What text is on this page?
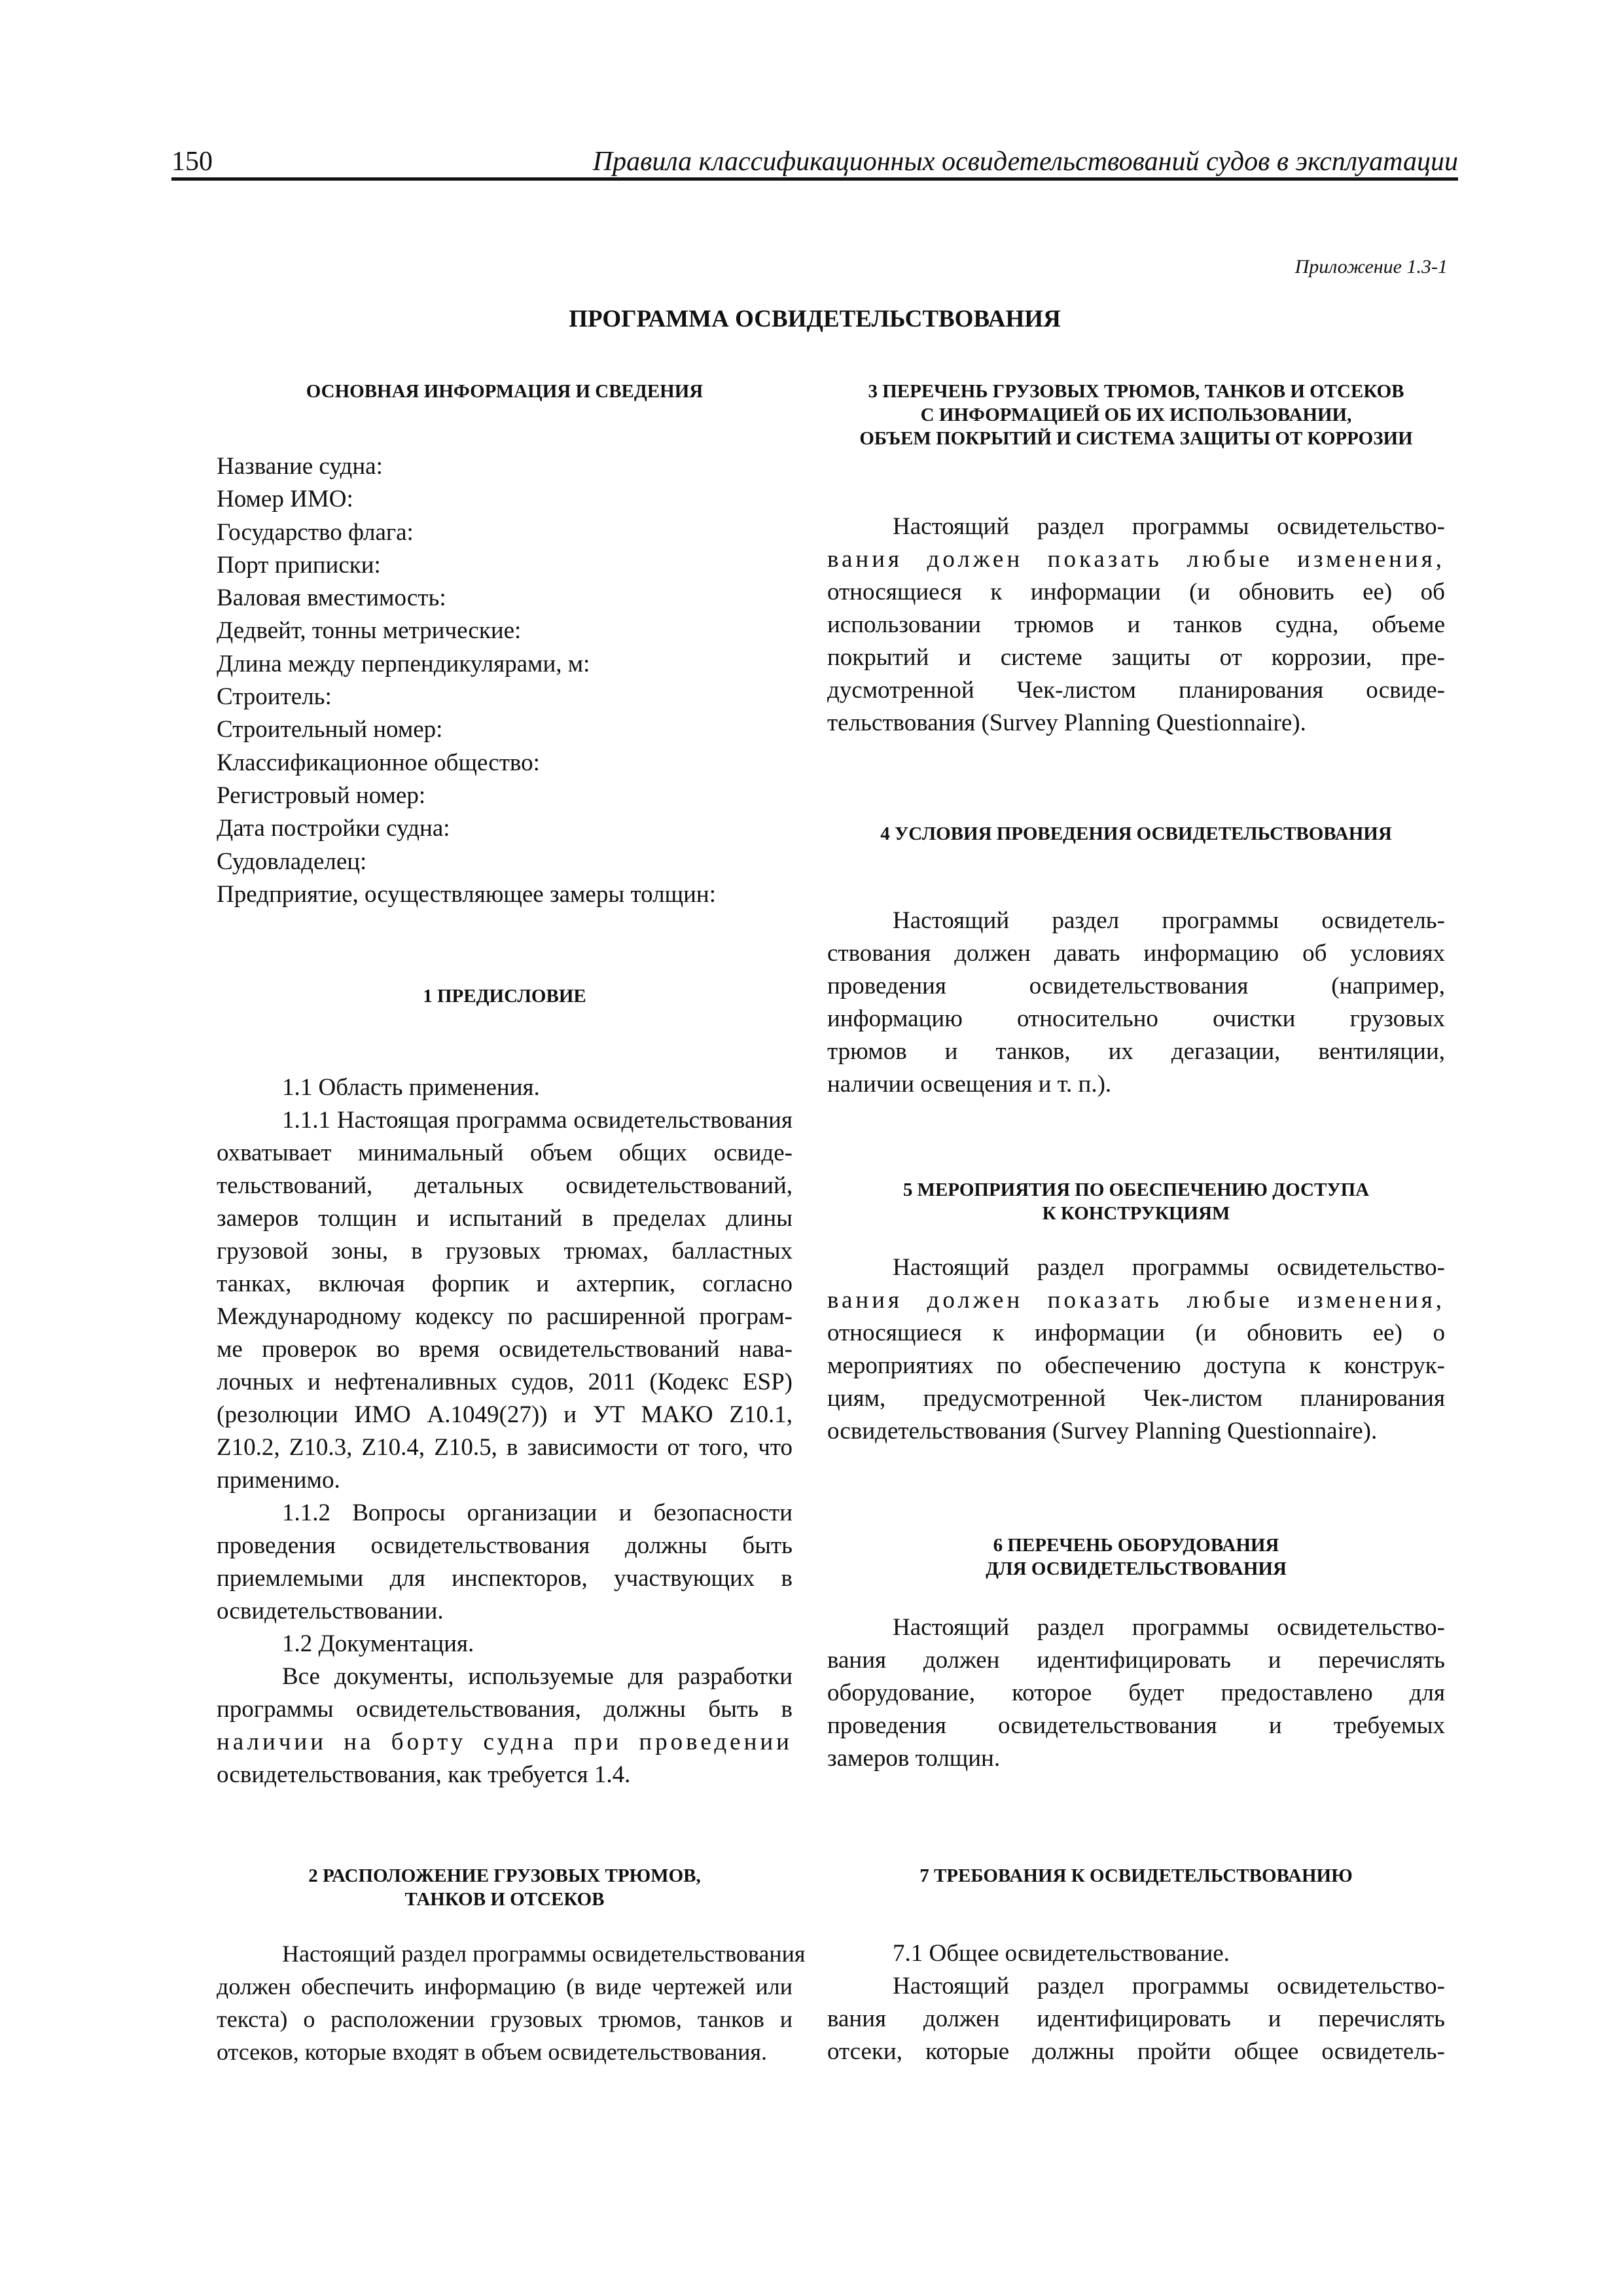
150	Правила классификационных освидетельствований судов в эксплуатации
Приложение 1.3-1
ПРОГРАММА ОСВИДЕТЕЛЬСТВОВАНИЯ
ОСНОВНАЯ ИНФОРМАЦИЯ И СВЕДЕНИЯ
Название судна:
Номер ИМО:
Государство флага:
Порт приписки:
Валовая вместимость:
Дедвейт, тонны метрические:
Длина между перпендикулярами, м:
Строитель:
Строительный номер:
Классификационное общество:
Регистровый номер:
Дата постройки судна:
Судовладелец:
Предприятие, осуществляющее замеры толщин:
1 ПРЕДИСЛОВИЕ
1.1 Область применения.
1.1.1 Настоящая программа освидетельствования
охватывает минимальный объем общих освиде-
тельствований, детальных освидетельствований,
замеров толщин и испытаний в пределах длины
грузовой зоны, в грузовых трюмах, балластных
танках, включая форпик и ахтерпик, согласно
Международному кодексу по расширенной програм-
ме проверок во время освидетельствований нава-
лочных и нефтеналивных судов, 2011 (Кодекс ESP)
(резолюции ИМО А.1049(27)) и УТ МАКО Z10.1,
Z10.2, Z10.3, Z10.4, Z10.5, в зависимости от того, что
применимо.
1.1.2 Вопросы организации и безопасности
проведения освидетельствования должны быть
приемлемыми для инспекторов, участвующих в
освидетельствовании.
1.2 Документация.
Все документы, используемые для разработки
программы освидетельствования, должны быть в
наличии на борту судна при проведении
освидетельствования, как требуется 1.4.
2 РАСПОЛОЖЕНИЕ ГРУЗОВЫХ ТРЮМОВ,
ТАНКОВ И ОТСЕКОВ
Настоящий раздел программы освидетельствования
должен обеспечить информацию (в виде чертежей или
текста) о расположении грузовых трюмов, танков и
отсеков, которые входят в объем освидетельствования.
3 ПЕРЕЧЕНЬ ГРУЗОВЫХ ТРЮМОВ, ТАНКОВ И ОТСЕКОВ
С ИНФОРМАЦИЕЙ ОБ ИХ ИСПОЛЬЗОВАНИИ,
ОБЪЕМ ПОКРЫТИЙ И СИСТЕМА ЗАЩИТЫ ОТ КОРРОЗИИ
Настоящий раздел программы освидетельство-
вания должен показать любые изменения,
относящиеся к информации (и обновить ее) об
использовании трюмов и танков судна, объеме
покрытий и системе защиты от коррозии, пре-
дусмотренной Чек-листом планирования освиде-
тельствования (Survey Planning Questionnaire).
4 УСЛОВИЯ ПРОВЕДЕНИЯ ОСВИДЕТЕЛЬСТВОВАНИЯ
Настоящий раздел программы освидетель-
ствования должен давать информацию об условиях
проведения освидетельствования (например,
информацию относительно очистки грузовых
трюмов и танков, их дегазации, вентиляции,
наличии освещения и т. п.).
5 МЕРОПРИЯТИЯ ПО ОБЕСПЕЧЕНИЮ ДОСТУПА
К КОНСТРУКЦИЯМ
Настоящий раздел программы освидетельство-
вания должен показать любые изменения,
относящиеся к информации (и обновить ее) о
мероприятиях по обеспечению доступа к конструк-
циям, предусмотренной Чек-листом планирования
освидетельствования (Survey Planning Questionnaire).
6 ПЕРЕЧЕНЬ ОБОРУДОВАНИЯ
ДЛЯ ОСВИДЕТЕЛЬСТВОВАНИЯ
Настоящий раздел программы освидетельство-
вания должен идентифицировать и перечислять
оборудование, которое будет предоставлено для
проведения освидетельствования и требуемых
замеров толщин.
7 ТРЕБОВАНИЯ К ОСВИДЕТЕЛЬСТВОВАНИЮ
7.1 Общее освидетельствование.
Настоящий раздел программы освидетельство-
вания должен идентифицировать и перечислять
отсеки, которые должны пройти общее освидетель-
